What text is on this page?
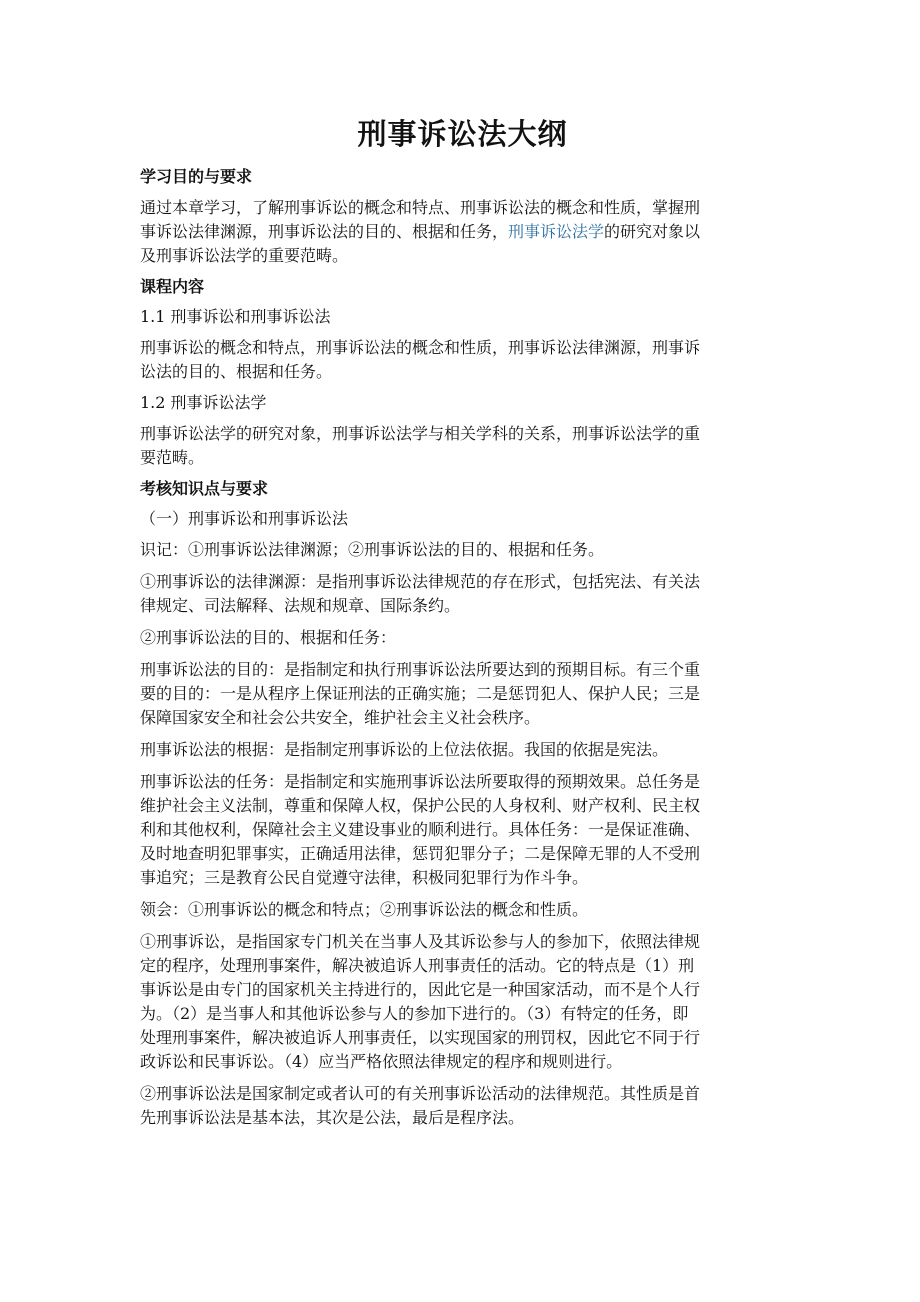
刑事诉讼法大纲
学习目的与要求
通过本章学习，了解刑事诉讼的概念和特点、刑事诉讼法的概念和性质，掌握刑
事诉讼法律渊源，刑事诉讼法的目的、根据和任务，刑事诉讼法学的研究对象以
及刑事诉讼法学的重要范畴。
课程内容
1.1 刑事诉讼和刑事诉讼法
刑事诉讼的概念和特点，刑事诉讼法的概念和性质，刑事诉讼法律渊源，刑事诉
讼法的目的、根据和任务。
1.2 刑事诉讼法学
刑事诉讼法学的研究对象，刑事诉讼法学与相关学科的关系，刑事诉讼法学的重
要范畴。
考核知识点与要求
（一）刑事诉讼和刑事诉讼法
识记：①刑事诉讼法律渊源；②刑事诉讼法的目的、根据和任务。
①刑事诉讼的法律渊源：是指刑事诉讼法律规范的存在形式，包括宪法、有关法
律规定、司法解释、法规和规章、国际条约。
②刑事诉讼法的目的、根据和任务：
刑事诉讼法的目的：是指制定和执行刑事诉讼法所要达到的预期目标。有三个重
要的目的：一是从程序上保证刑法的正确实施；二是惩罚犯人、保护人民；三是
保障国家安全和社会公共安全，维护社会主义社会秩序。
刑事诉讼法的根据：是指制定刑事诉讼的上位法依据。我国的依据是宪法。
刑事诉讼法的任务：是指制定和实施刑事诉讼法所要取得的预期效果。总任务是
维护社会主义法制，尊重和保障人权，保护公民的人身权利、财产权利、民主权
利和其他权利，保障社会主义建设事业的顺利进行。具体任务：一是保证准确、
及时地查明犯罪事实，正确适用法律，惩罚犯罪分子；二是保障无罪的人不受刑
事追究；三是教育公民自觉遵守法律，积极同犯罪行为作斗争。
领会：①刑事诉讼的概念和特点；②刑事诉讼法的概念和性质。
①刑事诉讼，是指国家专门机关在当事人及其诉讼参与人的参加下，依照法律规
定的程序，处理刑事案件，解决被追诉人刑事责任的活动。它的特点是（1）刑
事诉讼是由专门的国家机关主持进行的，因此它是一种国家活动，而不是个人行
为。（2）是当事人和其他诉讼参与人的参加下进行的。（3）有特定的任务，即
处理刑事案件，解决被追诉人刑事责任，以实现国家的刑罚权，因此它不同于行
政诉讼和民事诉讼。（4）应当严格依照法律规定的程序和规则进行。
②刑事诉讼法是国家制定或者认可的有关刑事诉讼活动的法律规范。其性质是首
先刑事诉讼法是基本法，其次是公法，最后是程序法。
